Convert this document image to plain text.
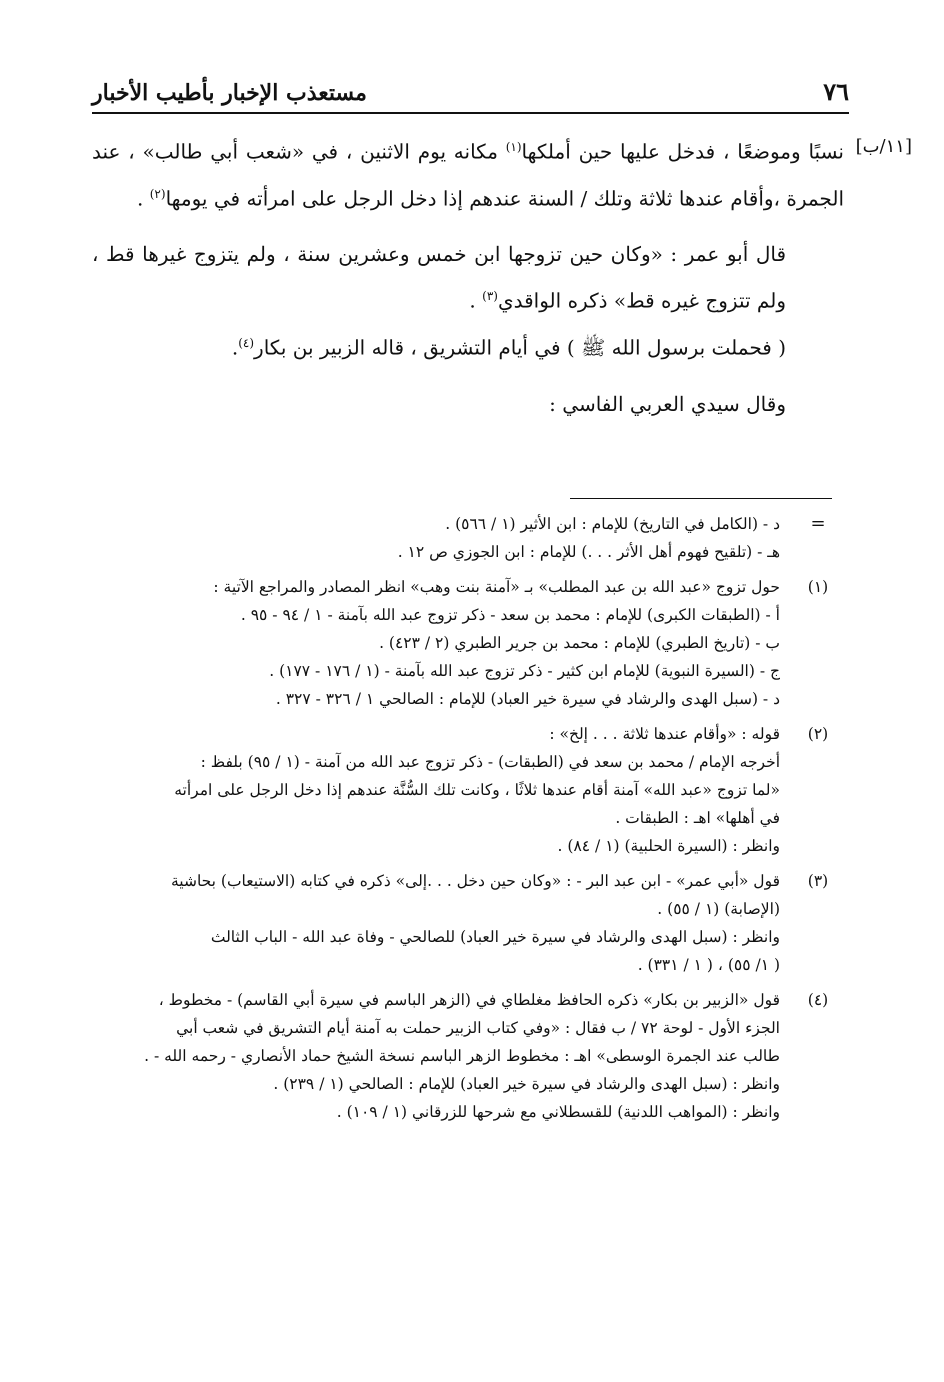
٧٦
مستعذب الإخبار بأطيب الأخبار

نسبًا وموضعًا ، فدخل عليها حين أملكها$^{(١)}$ مكانه يوم الاثنين ، في «شعب أبي طالب» ،	[١١/ب]
عند الجمرة ،وأقام عندها ثلاثة وتلك / السنة عندهم إذا دخل الرجل على امرأته في يومها$^{(٢)}$ .

قال أبو عمر : «وكان حين تزوجها ابن خمس وعشرين سنة ، ولم يتزوج غيرها قط ، ولم تتزوج غيره قط» ذكره الواقدي$^{(٣)}$ .

( فحملت برسول الله ﷺ ) في أيام التشريق ، قاله الزبير بن بكار$^{(٤)}$.

وقال سيدي العربي الفاسي :

=
د - (الكامل في التاريخ) للإمام : ابن الأثير (١ / ٥٦٦) .
هـ - (تلقيح فهوم أهل الأثر . . .) للإمام : ابن الجوزي ص ١٢ .
(١)
حول تزوج «عبد الله بن عبد المطلب» بـ «آمنة بنت وهب» انظر المصادر والمراجع الآتية :
أ - (الطبقات الكبرى) للإمام : محمد بن سعد - ذكر تزوج عبد الله بآمنة - ١ / ٩٤ - ٩٥ .
ب - (تاريخ الطبري) للإمام : محمد بن جرير الطبري (٢ / ٤٢٣) .
ج - (السيرة النبوية) للإمام ابن كثير - ذكر تزوج عبد الله بآمنة - (١ / ١٧٦ - ١٧٧) .
د - (سبل الهدى والرشاد في سيرة خير العباد) للإمام : الصالحي ١ / ٣٢٦ - ٣٢٧ .
(٢)
قوله : «وأقام عندها ثلاثة . . . إلخ» :
أخرجه الإمام / محمد بن سعد في (الطبقات) - ذكر تزوج عبد الله من آمنة - (١ / ٩٥) بلفظ :
«لما تزوج «عبد الله» آمنة أقام عندها ثلاثًا ، وكانت تلك السُّنَّة عندهم إذا دخل الرجل على امرأته
في أهلها» اهـ : الطبقات .
وانظر : (السيرة الحلبية) (١ / ٨٤) .
(٣)
قول «أبي عمر» - ابن عبد البر - : «وكان حين دخل . . .إلى» ذكره في كتابه (الاستيعاب) بحاشية
(الإصابة) (١ / ٥٥) .
وانظر : (سبل الهدى والرشاد في سيرة خير العباد) للصالحي - وفاة عبد الله - الباب الثالث
( ١/ ٥٥) ، ( ١ / ٣٣١) .
(٤)
قول «الزبير بن بكار» ذكره الحافظ مغلطاي في (الزهر الباسم في سيرة أبي القاسم) - مخطوط ،
الجزء الأول - لوحة ٧٢ / ب فقال : «وفي كتاب الزبير حملت به آمنة أيام التشريق في شعب أبي
طالب عند الجمرة الوسطى» اهـ : مخطوط الزهر الباسم نسخة الشيخ حماد الأنصاري - رحمه الله - .
وانظر : (سبل الهدى والرشاد في سيرة خير العباد) للإمام : الصالحي (١ / ٢٣٩) .
وانظر : (المواهب اللدنية) للقسطلاني مع شرحها للزرقاني (١ / ١٠٩) .
